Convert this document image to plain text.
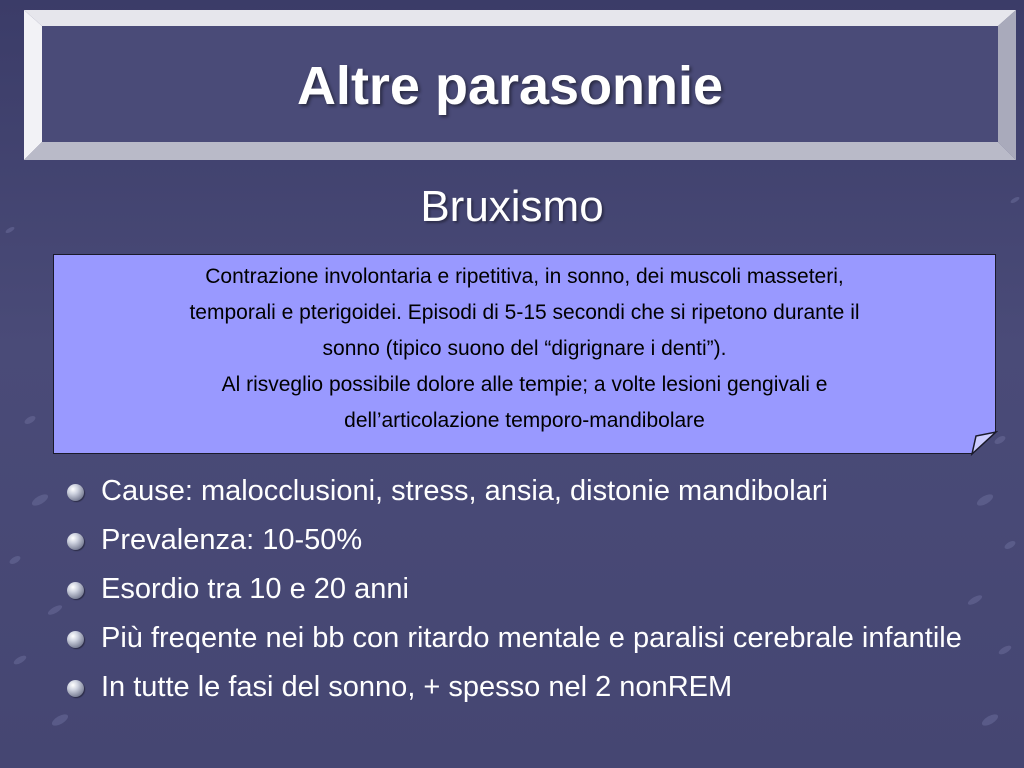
Altre parasonnie
Bruxismo
Contrazione involontaria e ripetitiva, in sonno, dei muscoli masseteri,
temporali e pterigoidei. Episodi di 5-15 secondi che si ripetono durante il
sonno (tipico suono del “digrignare i denti”).
Al risveglio possibile dolore alle tempie; a volte lesioni gengivali e
dell’articolazione temporo-mandibolare
Cause: malocclusioni, stress, ansia, distonie mandibolari
Prevalenza: 10-50%
Esordio tra 10 e 20 anni
Più freqente nei bb con ritardo mentale e paralisi cerebrale infantile
In tutte le fasi del sonno, + spesso nel 2 nonREM
